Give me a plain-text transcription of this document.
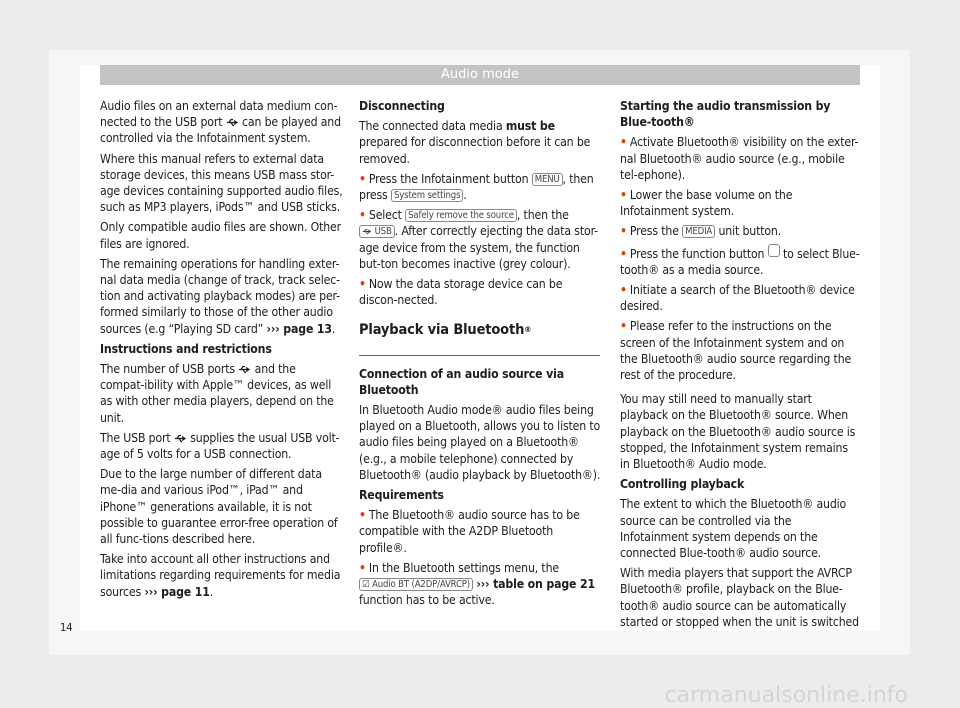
Audio mode

Audio files on an external data medium con-nected to the USB port can be played and controlled via the Infotainment system.

Where this manual refers to external data storage devices, this means USB mass stor-age devices containing supported audio files, such as MP3 players, iPods™ and USB sticks.

Only compatible audio files are shown. Other files are ignored.

The remaining operations for handling exter-nal data media (change of track, track selec-tion and activating playback modes) are per-formed similarly to those of the other audio sources (e.g “Playing SD card” ››› page 13.

Instructions and restrictions

The number of USB ports and the compat-ibility with Apple™ devices, as well as with other media players, depend on the unit.

The USB port supplies the usual USB volt-age of 5 volts for a USB connection.

Due to the large number of different data me-dia and various iPod™, iPad™ and iPhone™ generations available, it is not possible to guarantee error-free operation of all func-tions described here.

Take into account all other instructions and limitations regarding requirements for media sources ››› page 11.

Disconnecting

The connected data media must be prepared for disconnection before it can be removed.

• Press the Infotainment button MENU , then press System settings .

• Select Safely remove the source , then the  USB . After correctly ejecting the data stor-age device from the system, the function but-ton becomes inactive (grey colour).

• Now the data storage device can be discon-nected.

Playback via Bluetooth®

Connection of an audio source via Bluetooth

In Bluetooth Audio mode® audio files being played on a Bluetooth, allows you to listen to audio files being played on a Bluetooth® (e.g., a mobile telephone) connected by Bluetooth® (audio playback by Bluetooth®).

Requirements

• The Bluetooth® audio source has to be compatible with the A2DP Bluetooth profile®.

• In the Bluetooth settings menu, the ☑ Audio BT (A2DP/AVRCP) ››› table on page 21 function has to be active.

Starting the audio transmission by Blue-tooth®

• Activate Bluetooth® visibility on the exter-nal Bluetooth® audio source (e.g., mobile tel-ephone).

• Lower the base volume on the Infotainment system.

• Press the MEDIA unit button.

• Press the function button to select Blue-tooth® as a media source.

• Initiate a search of the Bluetooth® device desired.

• Please refer to the instructions on the screen of the Infotainment system and on the Bluetooth® audio source regarding the rest of the procedure.

You may still need to manually start playback on the Bluetooth® source. When playback on the Bluetooth® audio source is stopped, the Infotainment system remains in Bluetooth® Audio mode.

Controlling playback

The extent to which the Bluetooth® audio source can be controlled via the Infotainment system depends on the connected Blue-tooth® audio source.

With media players that support the AVRCP Bluetooth® profile, playback on the Blue-tooth® audio source can be automatically started or stopped when the unit is switched

14
carmanualsonline.info
